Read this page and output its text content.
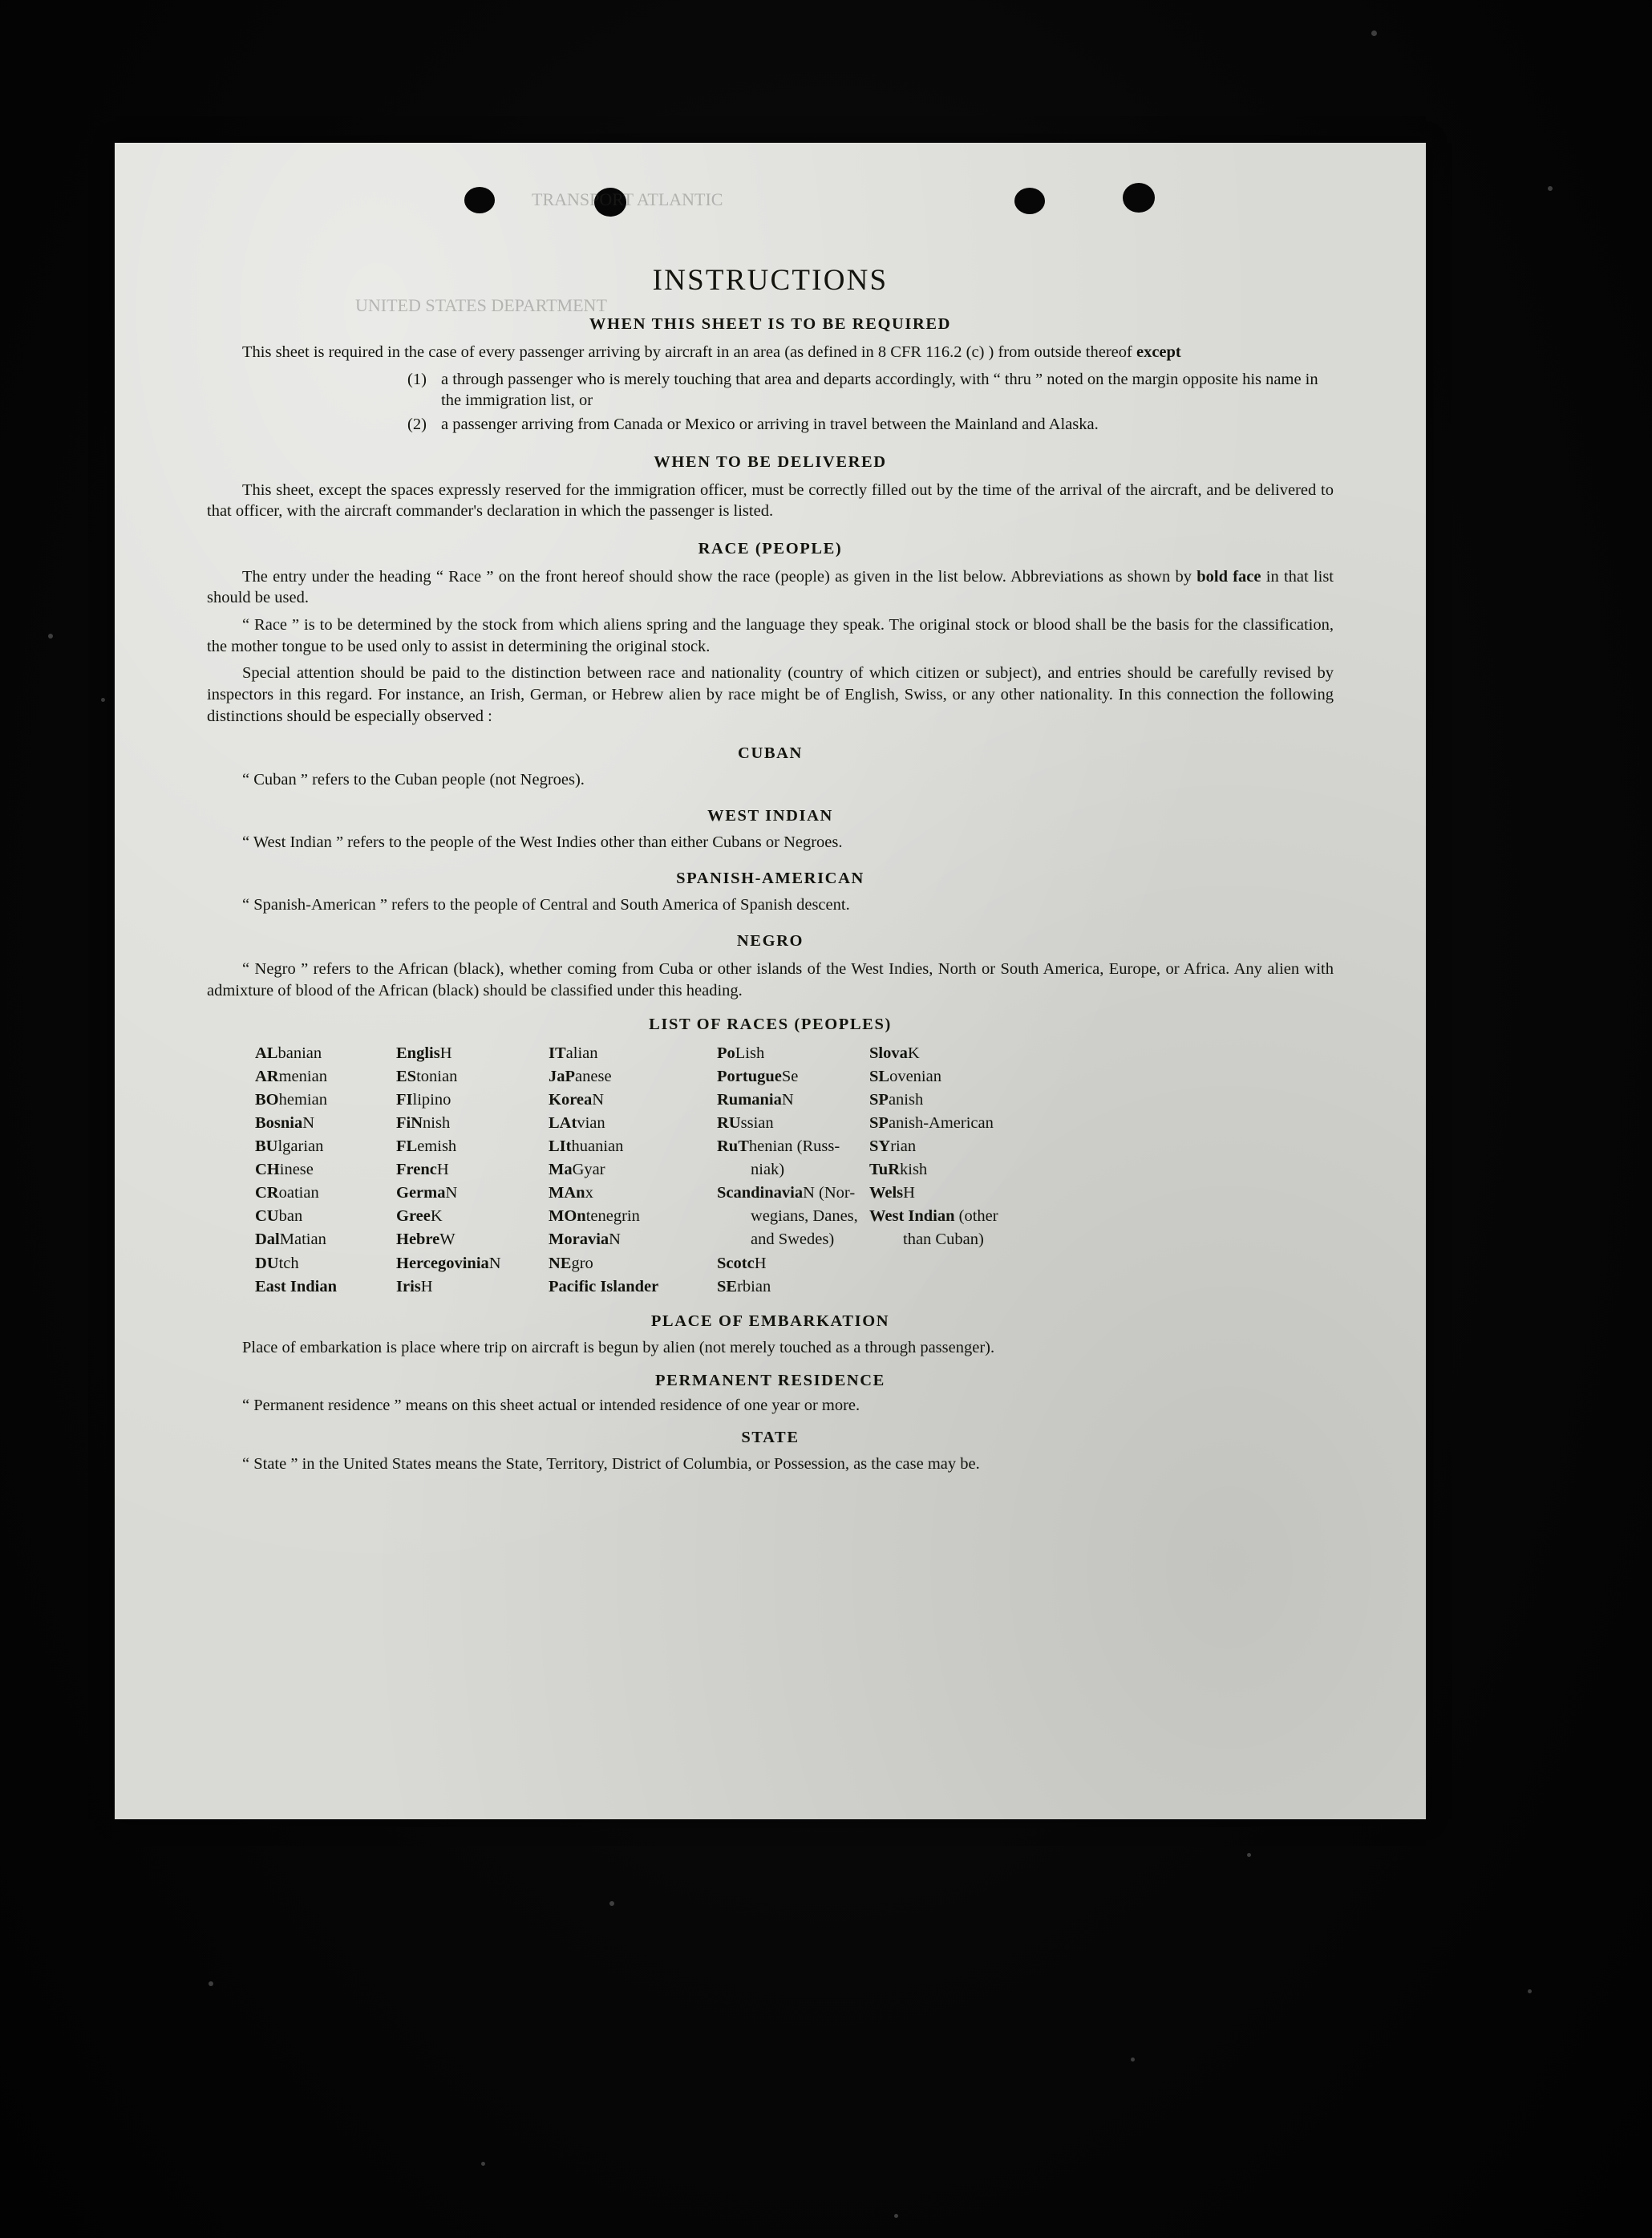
TRANSPORT ATLANTIC
UNITED STATES DEPARTMENT
INSTRUCTIONS
WHEN THIS SHEET IS TO BE REQUIRED

This sheet is required in the case of every passenger arriving by aircraft in an area (as defined in 8 CFR 116.2 (c) ) from outside thereof except

(1) a through passenger who is merely touching that area and departs accordingly, with “ thru ” noted on the margin opposite his name in the immigration list, or
(2) a passenger arriving from Canada or Mexico or arriving in travel between the Mainland and Alaska.
WHEN TO BE DELIVERED

This sheet, except the spaces expressly reserved for the immigration officer, must be correctly filled out by the time of the arrival of the aircraft, and be delivered to that officer, with the aircraft commander's declaration in which the passenger is listed.

RACE (PEOPLE)

The entry under the heading “ Race ” on the front hereof should show the race (people) as given in the list below. Abbreviations as shown by bold face in that list should be used.

“ Race ” is to be determined by the stock from which aliens spring and the language they speak. The original stock or blood shall be the basis for the classification, the mother tongue to be used only to assist in determining the original stock.

Special attention should be paid to the distinction between race and nationality (country of which citizen or subject), and entries should be carefully revised by inspectors in this regard. For instance, an Irish, German, or Hebrew alien by race might be of English, Swiss, or any other nationality. In this connection the following distinctions should be especially observed :

CUBAN

“ Cuban ” refers to the Cuban people (not Negroes).

WEST INDIAN

“ West Indian ” refers to the people of the West Indies other than either Cubans or Negroes.

SPANISH-AMERICAN

“ Spanish-American ” refers to the people of Central and South America of Spanish descent.

NEGRO

“ Negro ” refers to the African (black), whether coming from Cuba or other islands of the West Indies, North or South America, Europe, or Africa. Any alien with admixture of blood of the African (black) should be classified under this heading.

LIST OF RACES (PEOPLES)
ALbanian
ARmenian
BOhemian
BosniaN
BUlgarian
CHinese
CRoatian
CUban
DalMatian
DUtch
East Indian
EnglisH
EStonian
FIlipino
FiNnish
FLemish
FrencH
GermaN
GreeK
HebreW
HercegoviniaN
IrisH
ITalian
JaPanese
KoreaN
LAtvian
LIthuanian
MaGyar
MAnx
MOntenegrin
MoraviaN
NEgro
Pacific Islander
PoLish
PortugueSe
RumaniaN
RUssian
RuThenian (Russ-
niak)
ScandinaviaN (Nor-
wegians, Danes,
and Swedes)
ScotcH
SErbian
SlovaK
SLovenian
SPanish
SPanish-American
SYrian
TuRkish
WelsH
West Indian (other
than Cuban)

PLACE OF EMBARKATION

Place of embarkation is place where trip on aircraft is begun by alien (not merely touched as a through passenger).

PERMANENT RESIDENCE

“ Permanent residence ” means on this sheet actual or intended residence of one year or more.

STATE

“ State ” in the United States means the State, Territory, District of Columbia, or Possession, as the case may be.
